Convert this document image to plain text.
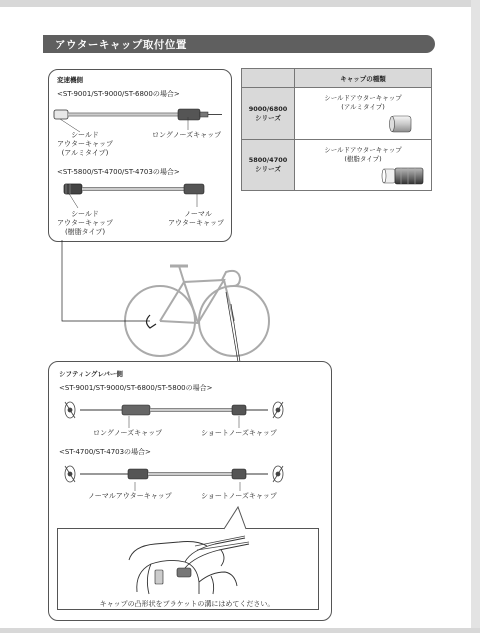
アウターキャップ取付位置
変速機側
<ST-9001/ST-9000/ST-6800の場合>
シールド
アウターキャップ
(アルミタイプ)
ロングノーズキャップ
<ST-5800/ST-4700/ST-4703の場合>
シールド
アウターキャップ
(樹脂タイプ)
ノーマル
アウターキャップ
	キャップの種類
9000/6800
シリーズ	シールドアウターキャップ
(アルミタイプ)

5800/4700
シリーズ	シールドアウターキャップ
(樹脂タイプ)
シフティングレバー側
<ST-9001/ST-9000/ST-6800/ST-5800の場合>
ロングノーズキャップ	ショートノーズキャップ
<ST-4700/ST-4703の場合>
ノーマルアウターキャップ	ショートノーズキャップ
キャップの凸形状をブラケットの溝にはめてください。
